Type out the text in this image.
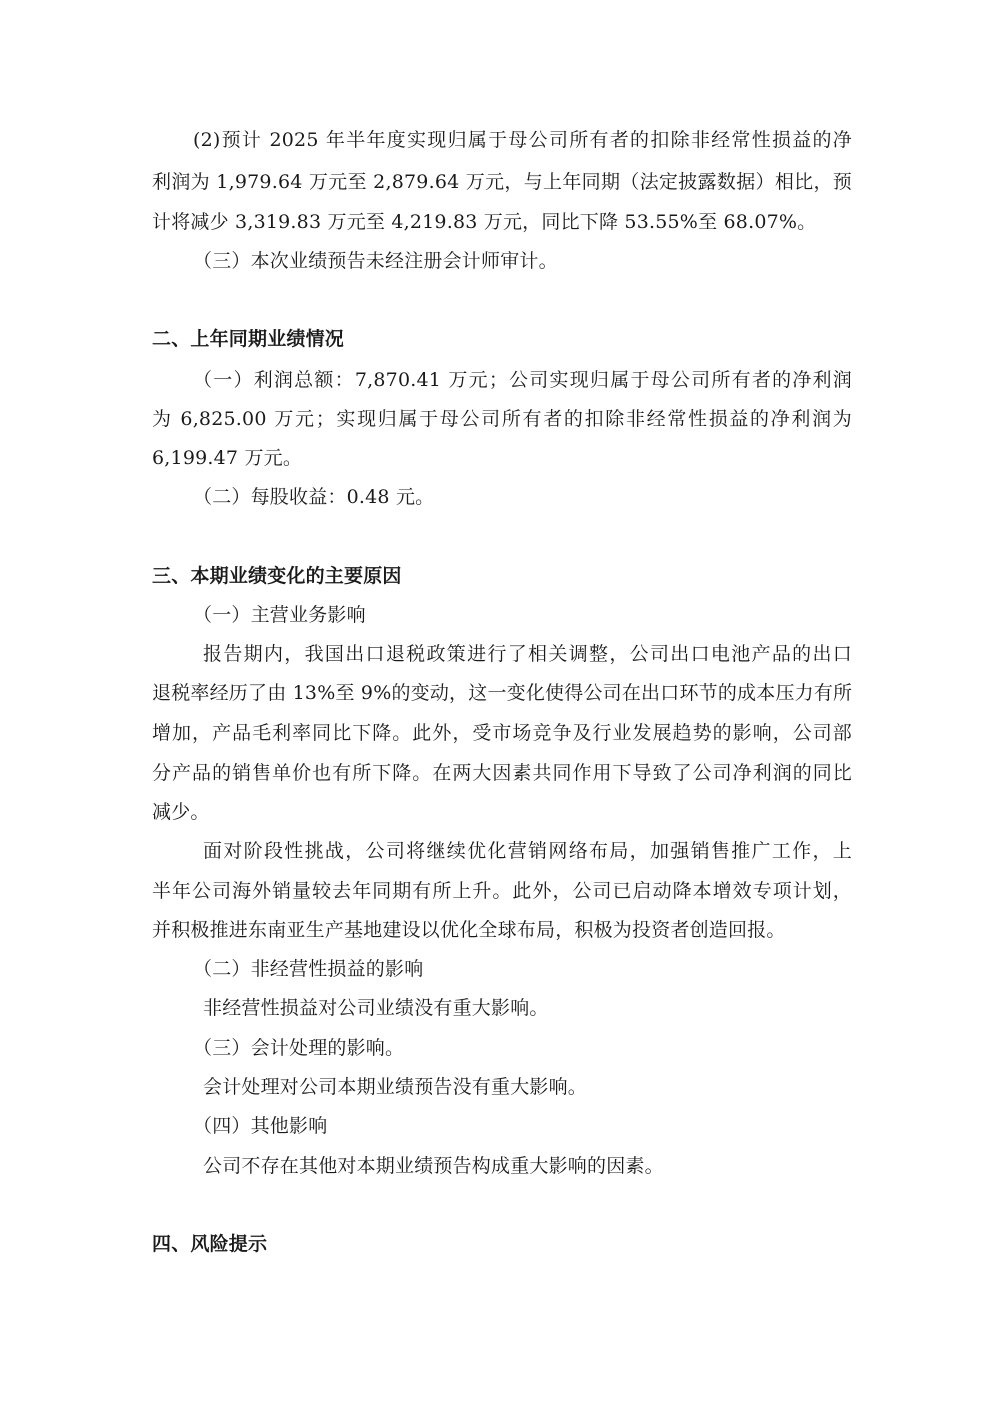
(2)预计 2025 年半年度实现归属于母公司所有者的扣除非经常性损益的净
利润为 1,979.64 万元至 2,879.64 万元，与上年同期（法定披露数据）相比，预
计将减少 3,319.83 万元至 4,219.83 万元，同比下降 53.55%至 68.07%。
（三）本次业绩预告未经注册会计师审计。
二、上年同期业绩情况
（一）利润总额：7,870.41 万元；公司实现归属于母公司所有者的净利润
为 6,825.00 万元；实现归属于母公司所有者的扣除非经常性损益的净利润为
6,199.47 万元。
（二）每股收益：0.48 元。
三、本期业绩变化的主要原因
（一）主营业务影响
报告期内，我国出口退税政策进行了相关调整，公司出口电池产品的出口
退税率经历了由 13%至 9%的变动，这一变化使得公司在出口环节的成本压力有所
增加，产品毛利率同比下降。此外，受市场竞争及行业发展趋势的影响，公司部
分产品的销售单价也有所下降。在两大因素共同作用下导致了公司净利润的同比
减少。
面对阶段性挑战，公司将继续优化营销网络布局，加强销售推广工作，上
半年公司海外销量较去年同期有所上升。此外，公司已启动降本增效专项计划，
并积极推进东南亚生产基地建设以优化全球布局，积极为投资者创造回报。
（二）非经营性损益的影响
非经营性损益对公司业绩没有重大影响。
（三）会计处理的影响。
会计处理对公司本期业绩预告没有重大影响。
（四）其他影响
公司不存在其他对本期业绩预告构成重大影响的因素。
四、风险提示
